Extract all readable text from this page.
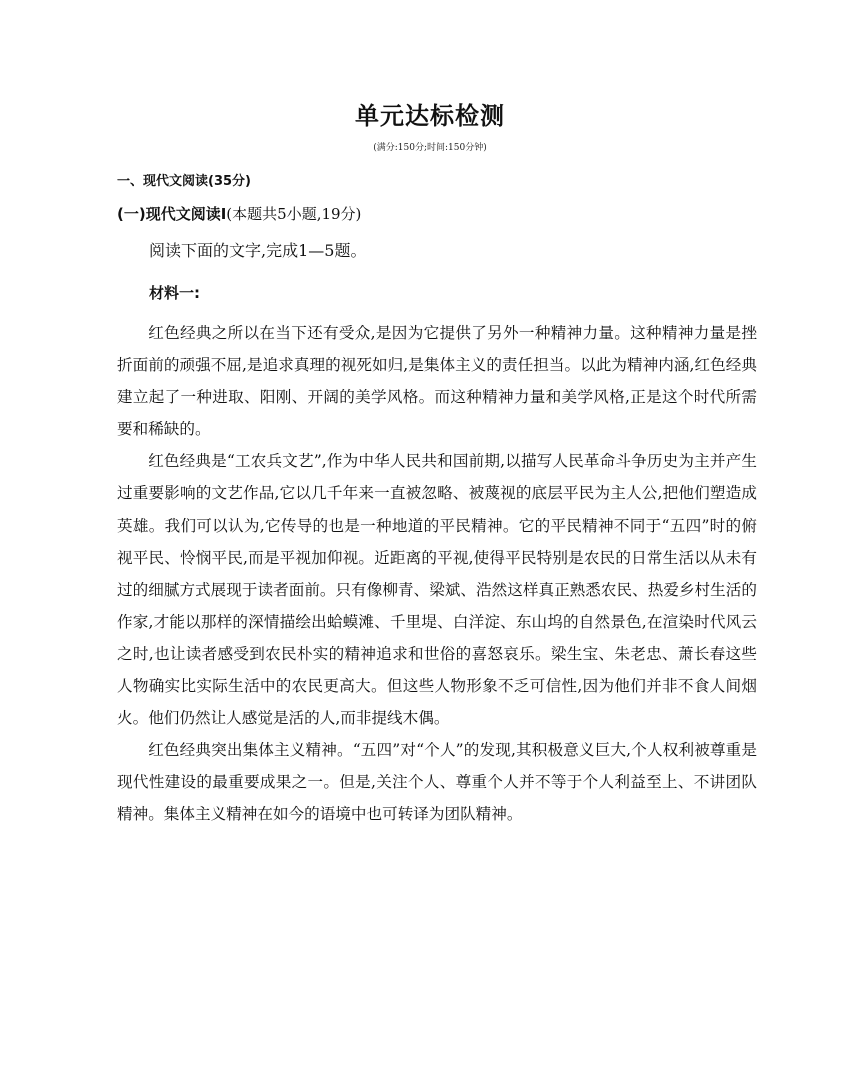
单元达标检测
(满分:150分;时间:150分钟)
一、现代文阅读(35分)
(一)现代文阅读Ⅰ(本题共5小题,19分)
阅读下面的文字,完成1—5题。
材料一:

红色经典之所以在当下还有受众,是因为它提供了另外一种精神力量。这种精神力量是挫折面前的顽强不屈,是追求真理的视死如归,是集体主义的责任担当。以此为精神内涵,红色经典建立起了一种进取、阳刚、开阔的美学风格。而这种精神力量和美学风格,正是这个时代所需要和稀缺的。

红色经典是“工农兵文艺”,作为中华人民共和国前期,以描写人民革命斗争历史为主并产生过重要影响的文艺作品,它以几千年来一直被忽略、被蔑视的底层平民为主人公,把他们塑造成英雄。我们可以认为,它传导的也是一种地道的平民精神。它的平民精神不同于“五四”时的俯视平民、怜悯平民,而是平视加仰视。近距离的平视,使得平民特别是农民的日常生活以从未有过的细腻方式展现于读者面前。只有像柳青、梁斌、浩然这样真正熟悉农民、热爱乡村生活的作家,才能以那样的深情描绘出蛤蟆滩、千里堤、白洋淀、东山坞的自然景色,在渲染时代风云之时,也让读者感受到农民朴实的精神追求和世俗的喜怒哀乐。梁生宝、朱老忠、萧长春这些人物确实比实际生活中的农民更高大。但这些人物形象不乏可信性,因为他们并非不食人间烟火。他们仍然让人感觉是活的人,而非提线木偶。

红色经典突出集体主义精神。“五四”对“个人”的发现,其积极意义巨大,个人权利被尊重是现代性建设的最重要成果之一。但是,关注个人、尊重个人并不等于个人利益至上、不讲团队精神。集体主义精神在如今的语境中也可转译为团队精神。
